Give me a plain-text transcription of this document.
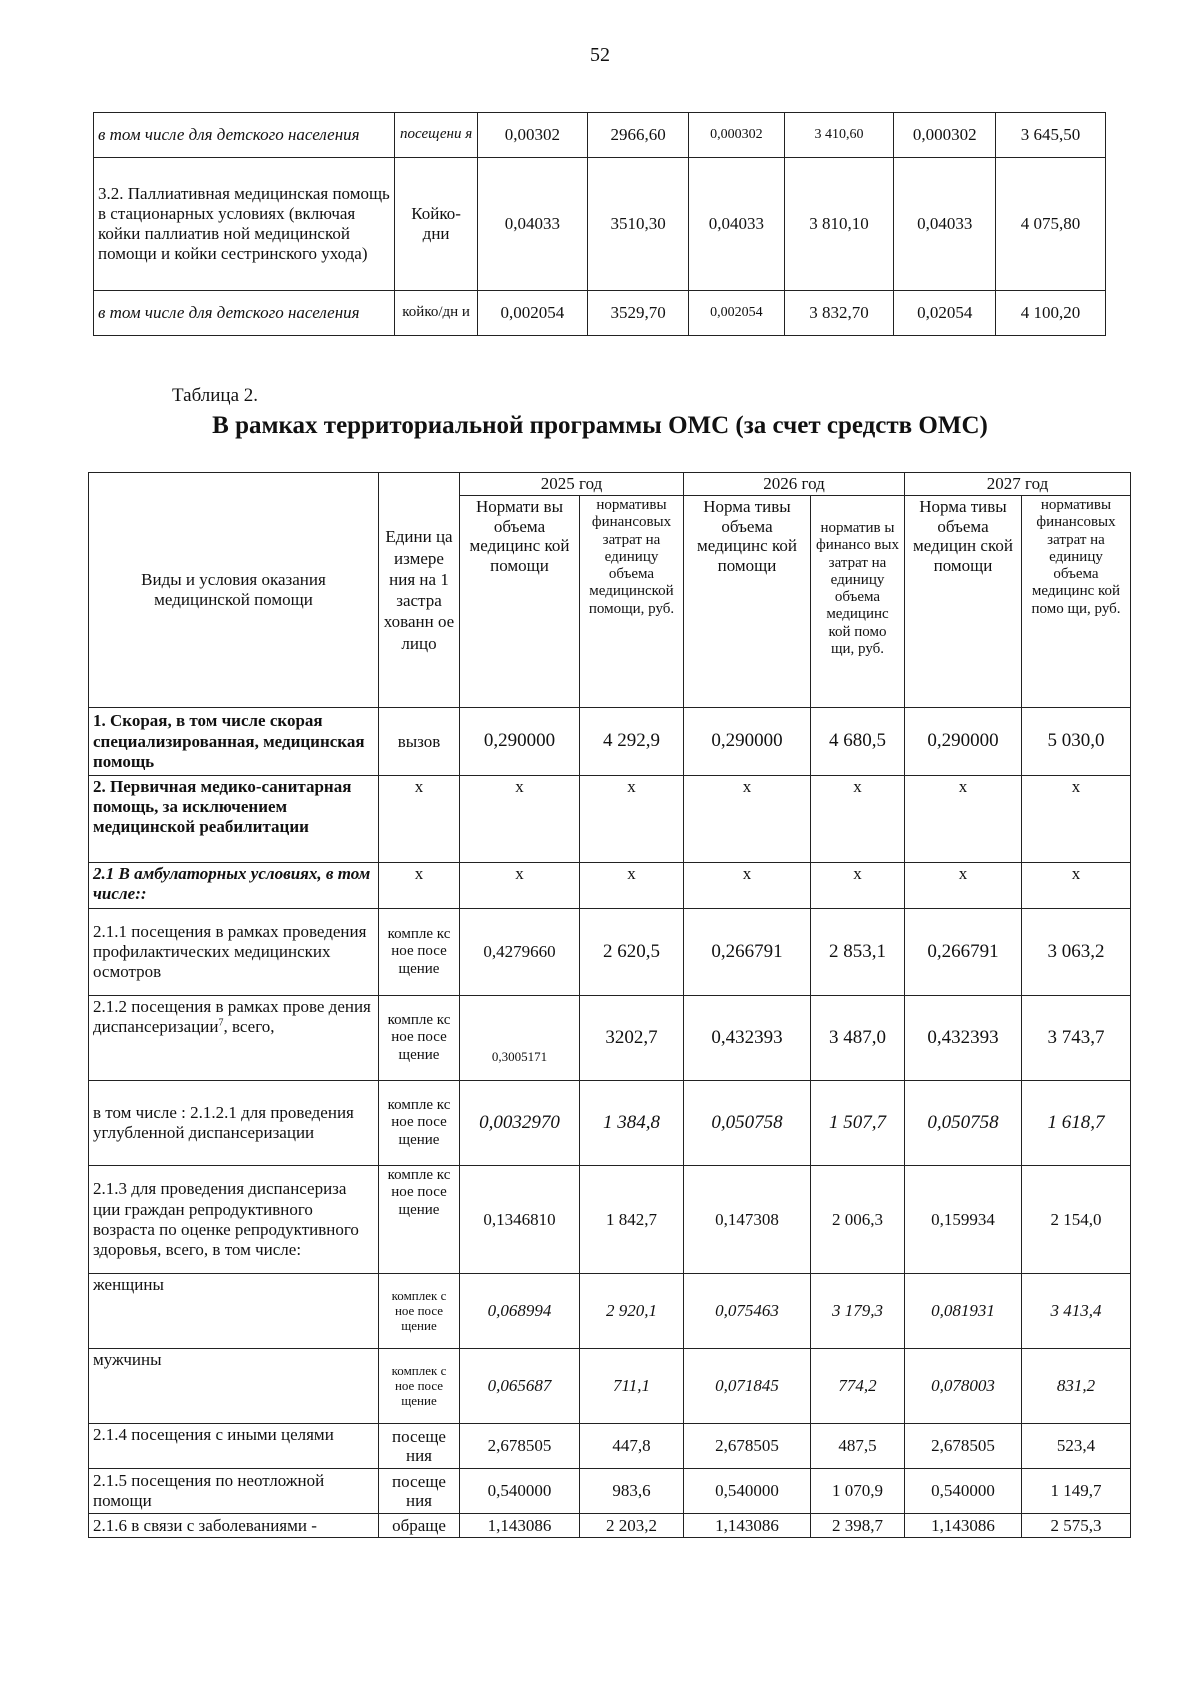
52
в том числе для детского населения	посещени я	0,00302	2966,60	0,000302	3 410,60	0,000302	3 645,50
3.2. Паллиативная медицинская помощь в стационарных условиях (включая койки паллиатив ной медицинской помощи и койки сестринского ухода)	Койко-дни	0,04033	3510,30	0,04033	3 810,10	0,04033	4 075,80
в том числе для детского населения	койко/дн и	0,002054	3529,70	0,002054	3 832,70	0,02054	4 100,20
Таблица 2.
В рамках территориальной программы ОМС (за счет средств ОМС)
Виды и условия оказания медицинской помощи	Едини ца измере ния на 1 застра хованн ое лицо	2025 год		2026 год		2027 год	
		Нормати вы объема медицинс кой помощи	нормативы финансовых затрат на единицу объема медицинской помощи, руб.	Норма тивы объема медицинс кой помощи	норматив ы финансо вых затрат на единицу объема медицинс кой помо щи, руб.	Норма тивы объема медицин ской помощи	нормативы финансовых затрат на единицу объема медицинс кой помо щи, руб.
1. Скорая, в том числе скорая специализированная, медицинская помощь	вызов	0,290000	4 292,9	0,290000	4 680,5	0,290000	5 030,0
2. Первичная медико-санитарная помощь, за исключением медицинской реабилитации	х	х	х	х	х	х	х
2.1 В амбулаторных условиях, в том числе::	х	х	х	х	х	х	х
2.1.1 посещения в рамках проведения профилактических медицинских осмотров	компле кс ное посе щение	0,4279660	2 620,5	0,266791	2 853,1	0,266791	3 063,2
2.1.2 посещения в рамках прове дения диспансеризации$^7$, всего,	компле кс ное посе щение	0,3005171	3202,7	0,432393	3 487,0	0,432393	3 743,7
в том числе : 2.1.2.1 для проведения углубленной диспансеризации	компле кс ное посе щение	0,0032970	1 384,8	0,050758	1 507,7	0,050758	1 618,7
2.1.3 для проведения диспансериза ции граждан репродуктивного возраста по оценке репродуктивного здоровья, всего, в том числе:	компле кс ное посе щение	0,1346810	1 842,7	0,147308	2 006,3	0,159934	2 154,0
женщины	комплек с ное посе щение	0,068994	2 920,1	0,075463	3 179,3	0,081931	3 413,4
мужчины	комплек с ное посе щение	0,065687	711,1	0,071845	774,2	0,078003	831,2
2.1.4 посещения с иными целями	посеще ния	2,678505	447,8	2,678505	487,5	2,678505	523,4
2.1.5 посещения по неотложной помощи	посеще ния	0,540000	983,6	0,540000	1 070,9	0,540000	1 149,7
2.1.6 в связи с заболеваниями -	обраще	1,143086	2 203,2	1,143086	2 398,7	1,143086	2 575,3
